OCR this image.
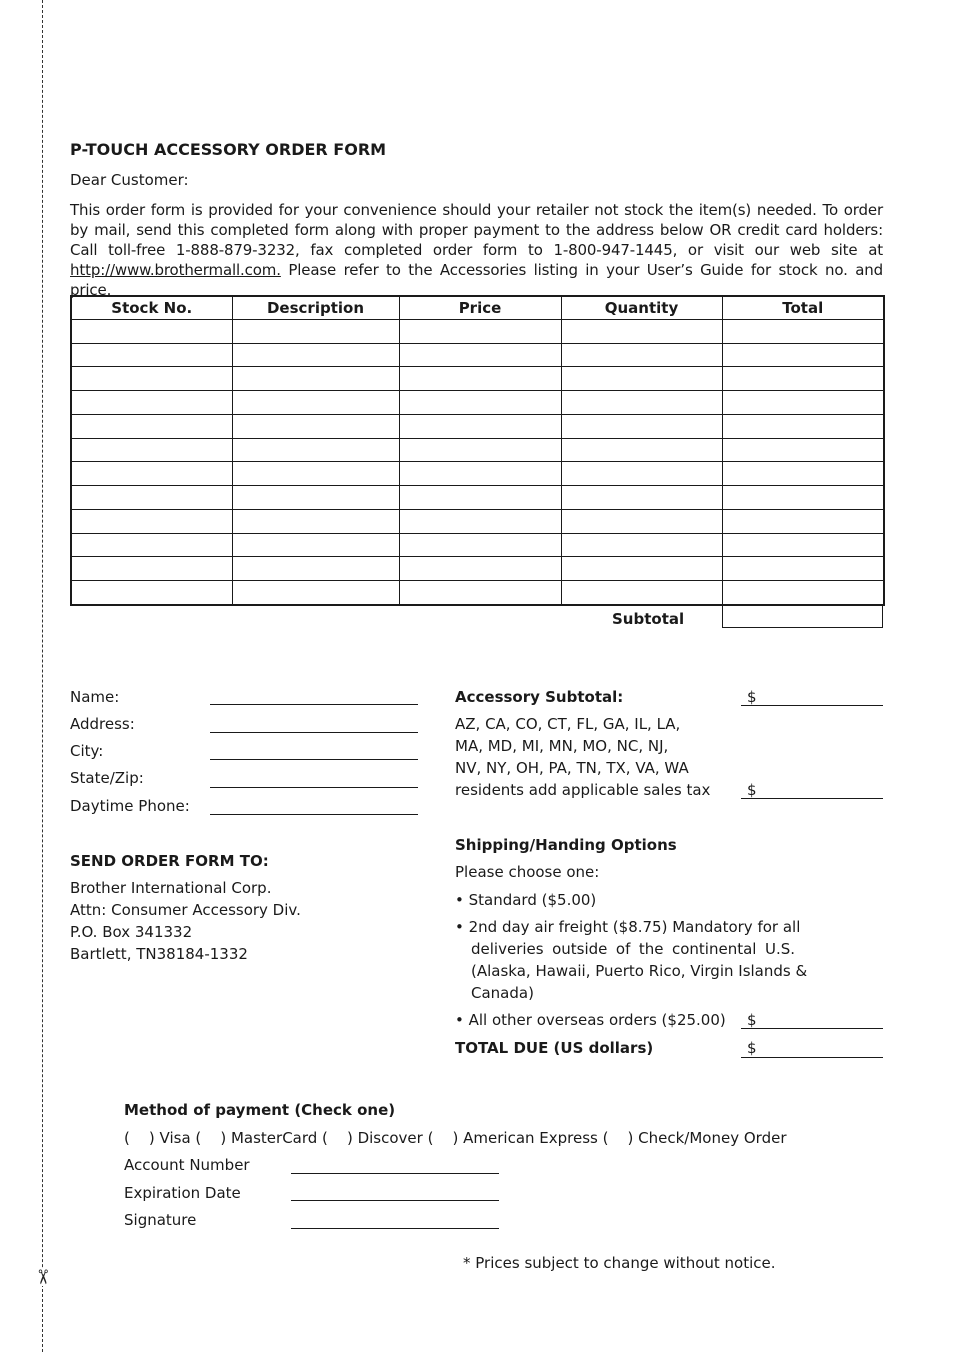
✂
P-TOUCH ACCESSORY ORDER FORM
Dear Customer:
This order form is provided for your convenience should your retailer not stock the item(s) needed. To order by mail, send this completed form along with proper payment to the address below OR credit card holders: Call toll-free 1-888-879-3232, fax completed order form to 1-800-947-1445, or visit our web site at http://www.brothermall.com. Please refer to the Accessories listing in your User’s Guide for stock no. and price.
Stock No.	Description	Price	Quantity	Total

Subtotal
Name:
Address:
City:
State/Zip:
Daytime Phone:
SEND ORDER FORM TO:
Brother International Corp.
Attn: Consumer Accessory Div.
P.O. Box 341332
Bartlett, TN38184-1332
Accessory Subtotal:	$
AZ, CA, CO, CT, FL, GA, IL, LA,
MA, MD, MI, MN, MO, NC, NJ,
NV, NY, OH, PA, TN, TX, VA, WA
residents add applicable sales tax $
Shipping/Handing Options
Please choose one:
• Standard ($5.00)
• 2nd day air freight ($8.75) Mandatory for all
deliveries outside of the continental U.S.
(Alaska, Hawaii, Puerto Rico, Virgin Islands &
Canada)
• All other overseas orders ($25.00) $
TOTAL DUE (US dollars)	$
Method of payment (Check one)
(    ) Visa (    ) MasterCard (    ) Discover (    ) American Express (    ) Check/Money Order
Account Number
Expiration Date
Signature
* Prices subject to change without notice.
